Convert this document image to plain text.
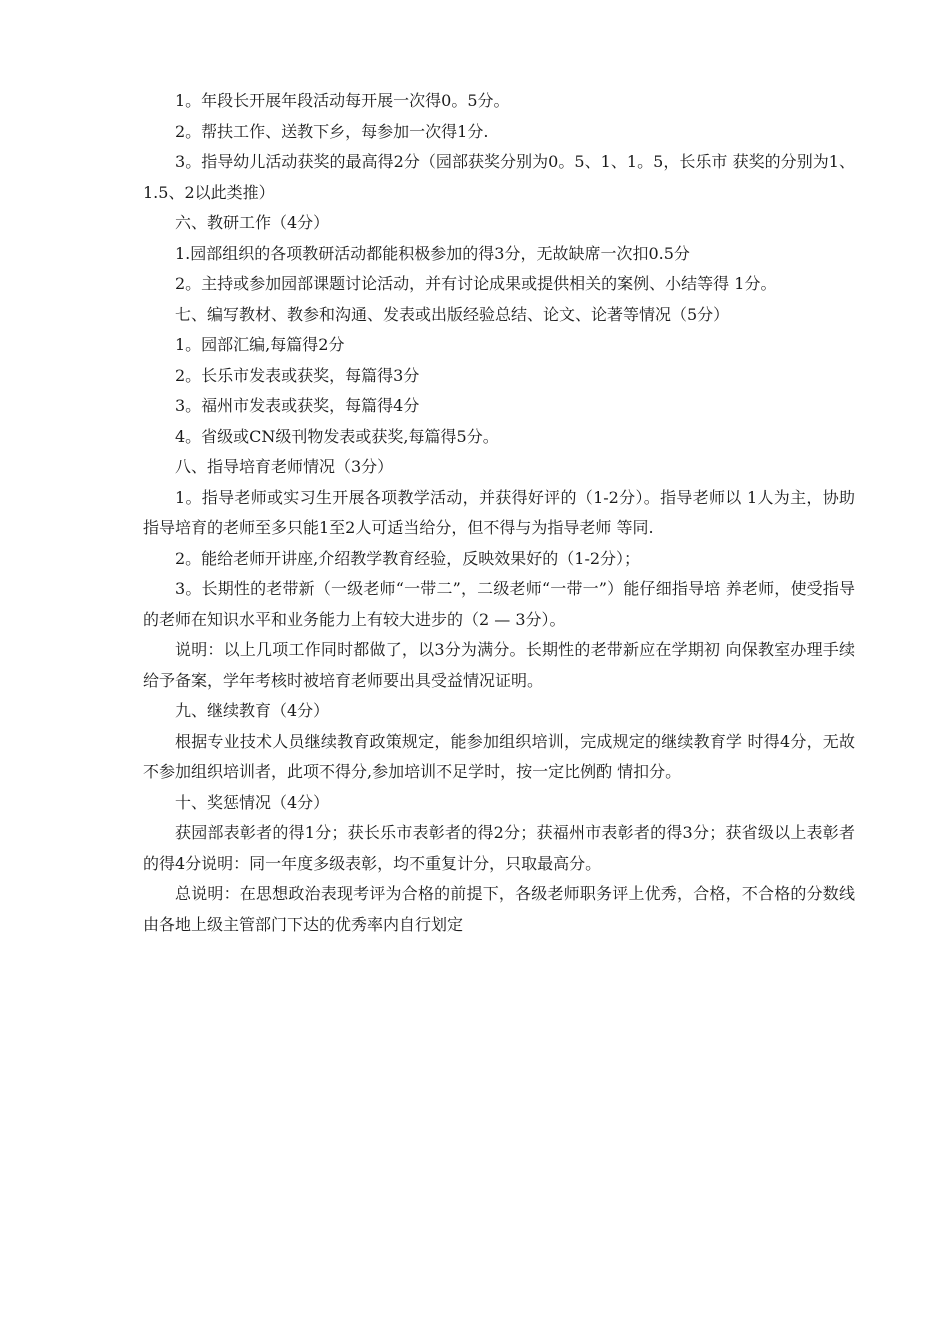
1。年段长开展年段活动每开展一次得0。5分。

2。帮扶工作、送教下乡，每参加一次得1分.

3。指导幼儿活动获奖的最高得2分（园部获奖分别为0。5、1、1。5，长乐市 获奖的分别为1、1.5、2以此类推）

六、教研工作（4分）

1.园部组织的各项教研活动都能积极参加的得3分，无故缺席一次扣0.5分

2。主持或参加园部课题讨论活动，并有讨论成果或提供相关的案例、小结等得 1分。

七、编写教材、教参和沟通、发表或出版经验总结、论文、论著等情况（5分）

1。园部汇编,每篇得2分

2。长乐市发表或获奖，每篇得3分

3。福州市发表或获奖，每篇得4分

4。省级或CN级刊物发表或获奖,每篇得5分。

八、指导培育老师情况（3分）

1。指导老师或实习生开展各项教学活动，并获得好评的（1-2分）。指导老师以 1人为主，协助指导培育的老师至多只能1至2人可适当给分，但不得与为指导老师 等同.

2。能给老师开讲座,介绍教学教育经验，反映效果好的（1-2分）；

3。长期性的老带新（一级老师“一带二”，二级老师“一带一”）能仔细指导培 养老师，使受指导的老师在知识水平和业务能力上有较大进步的（2 — 3分）。

说明：以上几项工作同时都做了，以3分为满分。长期性的老带新应在学期初 向保教室办理手续给予备案，学年考核时被培育老师要出具受益情况证明。

九、继续教育（4分）

根据专业技术人员继续教育政策规定，能参加组织培训，完成规定的继续教育学 时得4分，无故不参加组织培训者，此项不得分,参加培训不足学时，按一定比例酌 情扣分。

十、奖惩情况（4分）

获园部表彰者的得1分；获长乐市表彰者的得2分；获福州市表彰者的得3分；获省级以上表彰者的得4分说明：同一年度多级表彰，均不重复计分，只取最高分。

总说明：在思想政治表现考评为合格的前提下，各级老师职务评上优秀，合格，不合格的分数线由各地上级主管部门下达的优秀率内自行划定
